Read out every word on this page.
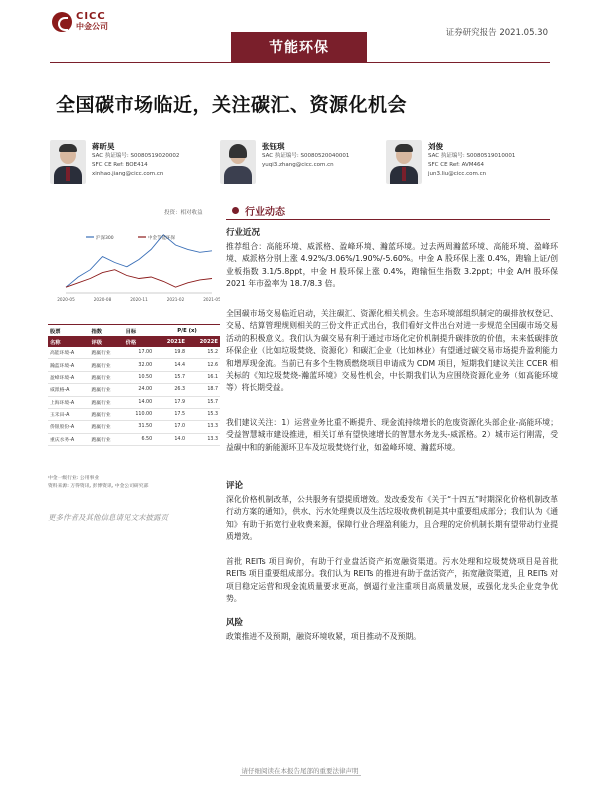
CICC
中金公司
节能环保
证券研究报告 2021.05.30
全国碳市场临近，关注碳汇、资源化机会
蒋昕昊
SAC 执证编号: S0080519020002
SFC CE Ref: BOE414
xinhao.jiang@cicc.com.cn
张钰琪
SAC 执证编号: S0080520040001
yuqi3.zhang@cicc.com.cn
刘俊
SAC 执证编号: S0080519010001
SFC CE Ref: AVM464
jun3.liu@cicc.com.cn
投资：相对收益
沪深300	中金节能环保
2020-05	2020-08	2020-11	2021-02	2021-05
股票	指数	目标	P/E (x)	
名称	评级	价格	2021E	2022E
高能环境-A	跑赢行业	17.00	19.8	15.2
瀚蓝环境-A	跑赢行业	32.00	14.4	12.6
盈峰环境-A	跑赢行业	10.50	15.7	16.1
威派格-A	跑赢行业	24.00	26.3	18.7
上海环境-A	跑赢行业	14.00	17.9	15.7
玉禾田-A	跑赢行业	110.00	17.5	15.3
侨银股份-A	跑赢行业	31.50	17.0	13.3
重庆水务-A	跑赢行业	6.50	14.0	13.3
中金一级行业: 公用事业
资料来源: 万得资讯, 彭博资讯, 中金公司研究部
更多作者及其他信息请见文末披露页
行业动态
行业近况
推荐组合：高能环境、威派格、盈峰环境、瀚蓝环境。过去两周瀚蓝环境、高能环境、盈峰环境、威派格分别上涨 4.92%/3.06%/1.90%/-5.60%。中金 A 股环保上涨 0.4%，跑输上证/创业板指数 3.1/5.8ppt，中金 H 股环保上涨 0.4%，跑输恒生指数 3.2ppt；中金 A/H 股环保 2021 年市盈率为 18.7/8.3 倍。
全国碳市场交易临近启动，关注碳汇、资源化相关机会。生态环境部组织制定的碳排放权登记、交易、结算管理规则相关的三份文件正式出台，我们看好文件出台对进一步规范全国碳市场交易活动的积极意义。我们认为碳交易有利于通过市场化定价机制提升碳排放的价值，未来低碳排放环保企业（比如垃圾焚烧、资源化）和碳汇企业（比如林业）有望通过碳交易市场提升盈利能力和增厚现金流。当前已有多个生物质燃烧项目申请成为 CDM 项目，短期我们建议关注 CCER 相关标的《知垃圾焚烧-瀚蓝环境》交易性机会，中长期我们认为应围绕资源化业务（如高能环境等）将长期受益。
我们建议关注：1）运营业务比重不断提升、现金流持续增长的危废资源化头部企业-高能环境；受益智慧城市建设推进，相关订单有望快速增长的智慧水务龙头-威派格。2）城市运行刚需，受益碳中和的新能源环卫车及垃圾焚烧行业，如盈峰环境、瀚蓝环境。
评论
深化价格机制改革，公共服务有望提质增效。发改委发布《关于“十四五”时期深化价格机制改革行动方案的通知》，供水、污水处理费以及生活垃圾收费机制是其中重要组成部分；我们认为《通知》有助于拓宽行业收费来源，保障行业合理盈利能力，且合理的定价机制长期有望带动行业提质增效。
首批 REITs 项目询价，有助于行业盘活资产拓宽融资渠道。污水处理和垃圾焚烧项目是首批 REITs 项目重要组成部分。我们认为 REITs 的推进有助于盘活资产，拓宽融资渠道，且 REITs 对项目稳定运营和现金流质量要求更高，倒逼行业注重项目高质量发展，或强化龙头企业竞争优势。
风险
政策推进不及预期，融资环境收紧，项目推动不及预期。
请仔细阅读在本报告尾部的重要法律声明
